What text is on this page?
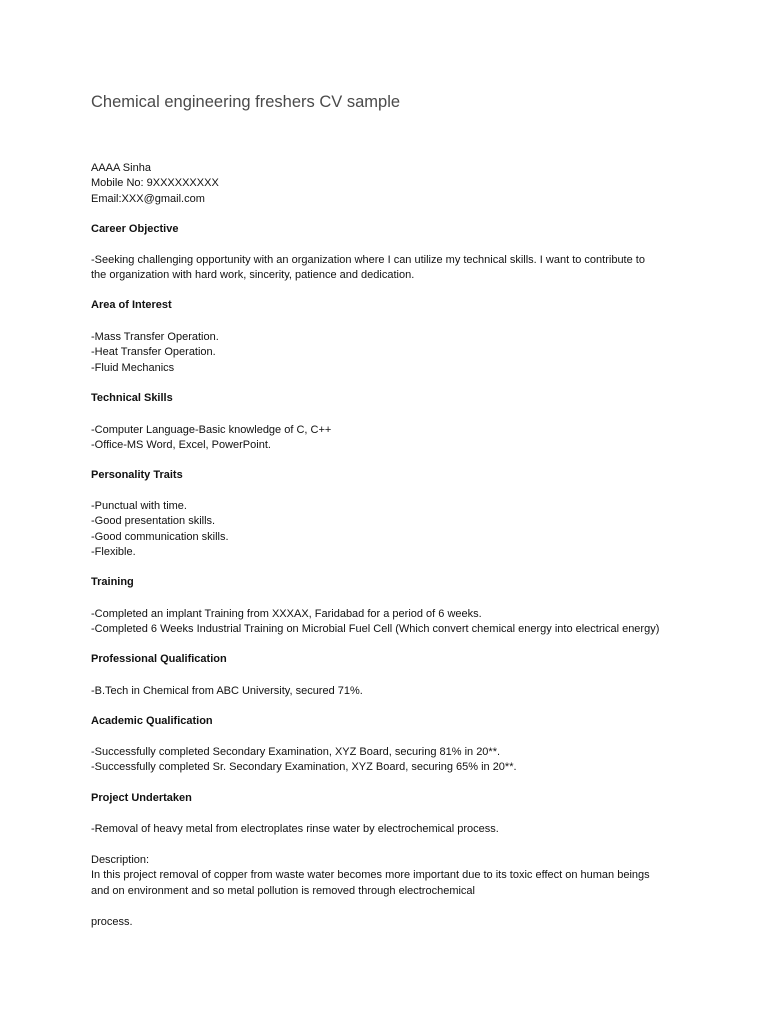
Chemical engineering freshers CV sample
AAAA Sinha
Mobile No: 9XXXXXXXXX
Email:XXX@gmail.com
Career Objective
-Seeking challenging opportunity with an organization where I can utilize my technical skills. I want to contribute to
the organization with hard work, sincerity, patience and dedication.
Area of Interest
-Mass Transfer Operation.
-Heat Transfer Operation.
-Fluid Mechanics
Technical Skills
-Computer Language-Basic knowledge of C, C++
-Office-MS Word, Excel, PowerPoint.
Personality Traits
-Punctual with time.
-Good presentation skills.
-Good communication skills.
-Flexible.
Training
-Completed an implant Training from XXXAX, Faridabad for a period of 6 weeks.
-Completed 6 Weeks Industrial Training on Microbial Fuel Cell (Which convert chemical energy into electrical energy)
Professional Qualification
-B.Tech in Chemical from ABC University, secured 71%.
Academic Qualification
-Successfully completed Secondary Examination, XYZ Board, securing 81% in 20**.
-Successfully completed Sr. Secondary Examination, XYZ Board, securing 65% in 20**.
Project Undertaken
-Removal of heavy metal from electroplates rinse water by electrochemical process.
Description:
In this project removal of copper from waste water becomes more important due to its toxic effect on human beings
and on environment and so metal pollution is removed through electrochemical
process.
